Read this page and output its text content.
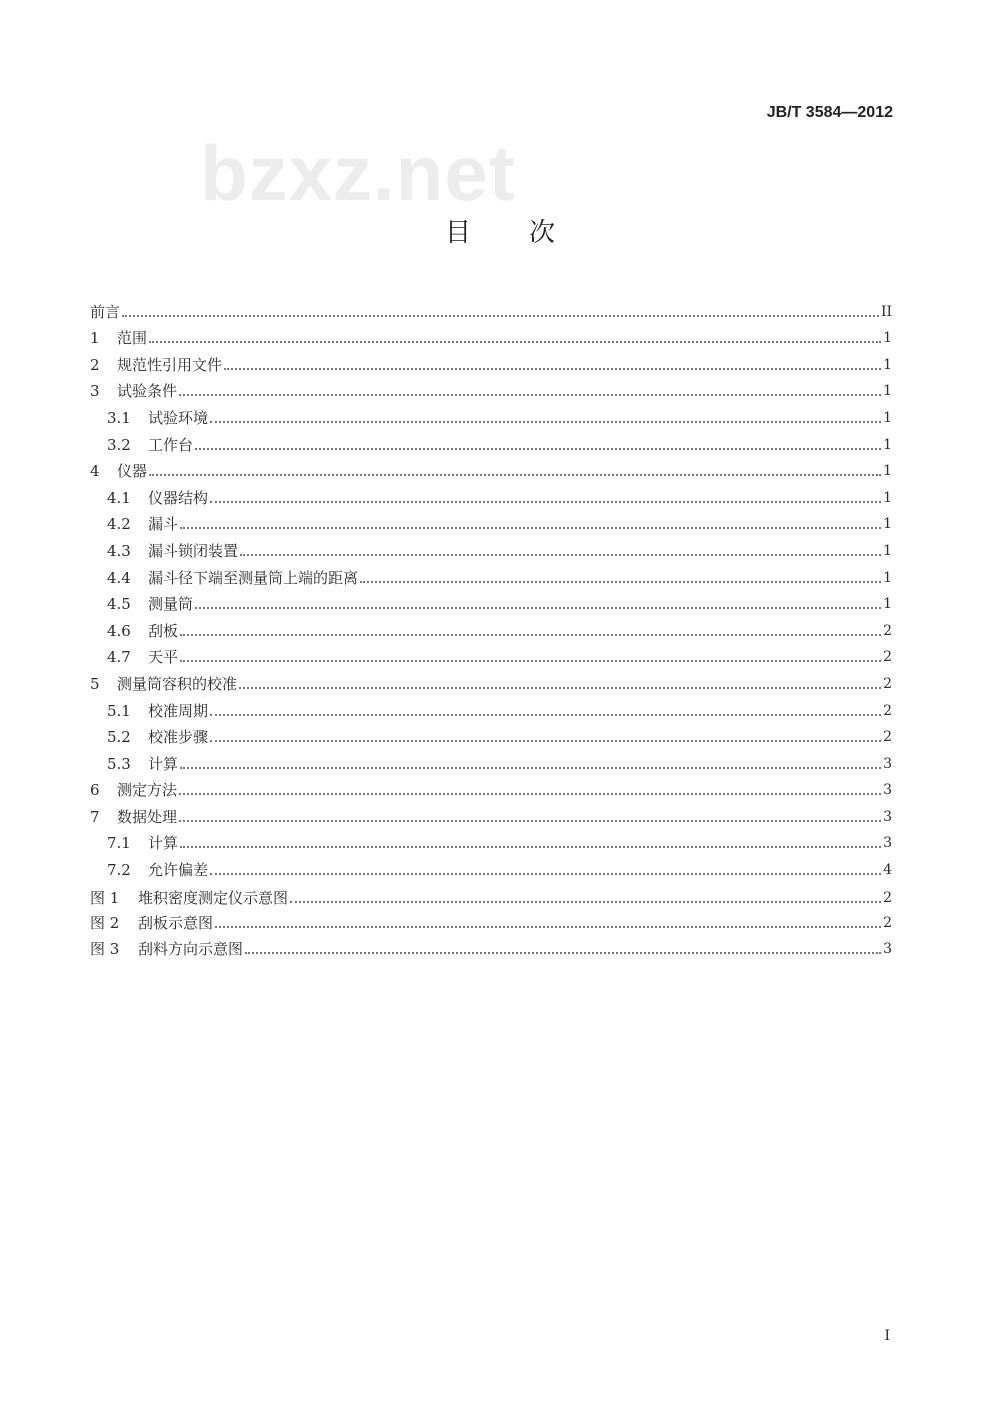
JB/T 3584—2012
bzxz.net
目次
前言	II
1	范围	1
2	规范性引用文件	1
3	试验条件	1
3.1	试验环境	1
3.2	工作台	1
4	仪器	1
4.1	仪器结构	1
4.2	漏斗	1
4.3	漏斗锁闭装置	1
4.4	漏斗径下端至测量筒上端的距离	1
4.5	测量筒	1
4.6	刮板	2
4.7	天平	2
5	测量筒容积的校准	2
5.1	校准周期	2
5.2	校准步骤	2
5.3	计算	3
6	测定方法	3
7	数据处理	3
7.1	计算	3
7.2	允许偏差	4
图 1	堆积密度测定仪示意图	2
图 2	刮板示意图	2
图 3	刮料方向示意图	3
I
